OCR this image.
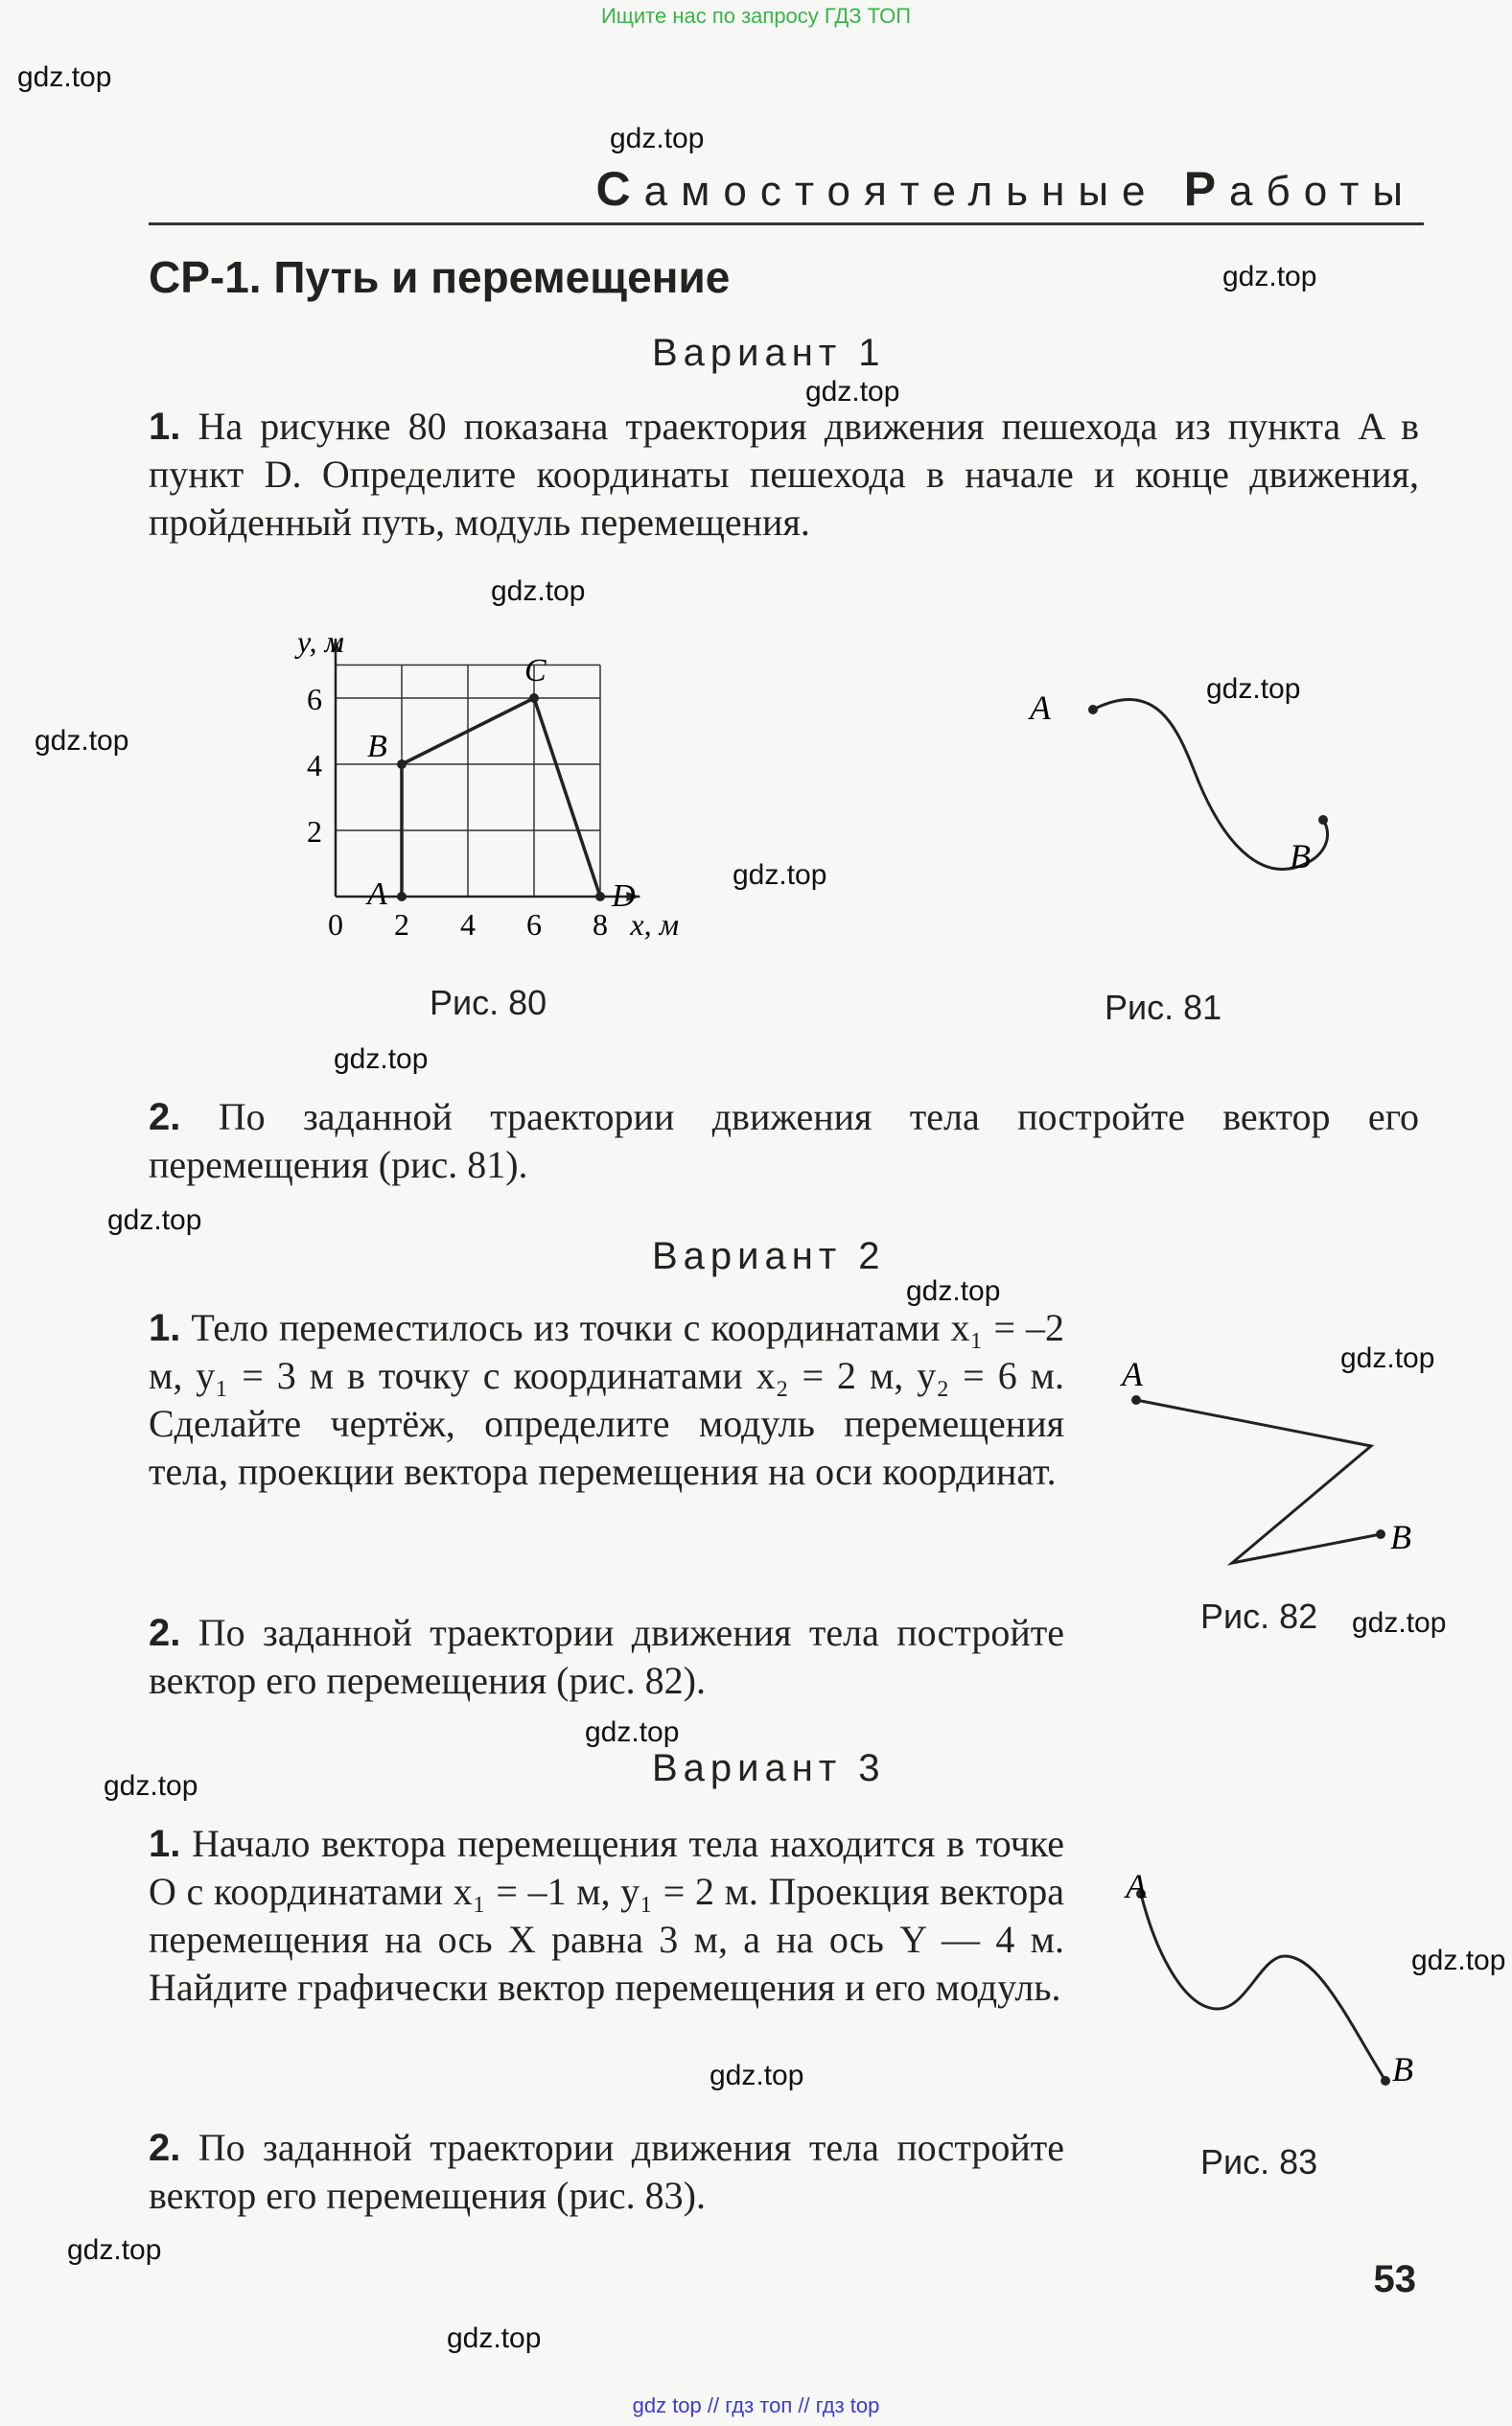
Ищите нас по запросу ГДЗ ТОП
gdz.top
gdz.top
gdz.top
gdz.top
gdz.top
gdz.top
gdz.top
gdz.top
gdz.top
gdz.top
gdz.top
gdz.top
gdz.top
gdz.top
gdz.top
gdz.top
gdz.top
gdz.top
gdz.top
Самостоятельные Работы
СР-1. Путь и перемещение
Вариант 1
1. На рисунке 80 показана траектория движения пешехода из пункта A в пункт D. Определите координаты пешехода в начале и конце движения, пройденный путь, модуль перемещения.
0 2 4 6 8
2
4
6
x, м
y, м
A
B
C
D
Рис. 80
A
B
Рис. 81
2. По заданной траектории движения тела постройте вектор его перемещения (рис. 81).
Вариант 2
1. Тело переместилось из точки с координатами x₁ = –2 м, y₁ = 3 м в точку с координатами x₂ = 2 м, y₂ = 6 м. Сделайте чертёж, определите модуль перемещения тела, проекции вектора перемещения на оси координат.
A
B
Рис. 82
2. По заданной траектории движения тела постройте вектор его перемещения (рис. 82).
Вариант 3
1. Начало вектора перемещения тела находится в точке O с координатами x₁ = –1 м, y₁ = 2 м. Проекция вектора перемещения на ось X равна 3 м, а на ось Y — 4 м. Найдите графически вектор перемещения и его модуль.
A
B
Рис. 83
2. По заданной траектории движения тела постройте вектор его перемещения (рис. 83).
53
gdz top // гдз топ // гдз top
